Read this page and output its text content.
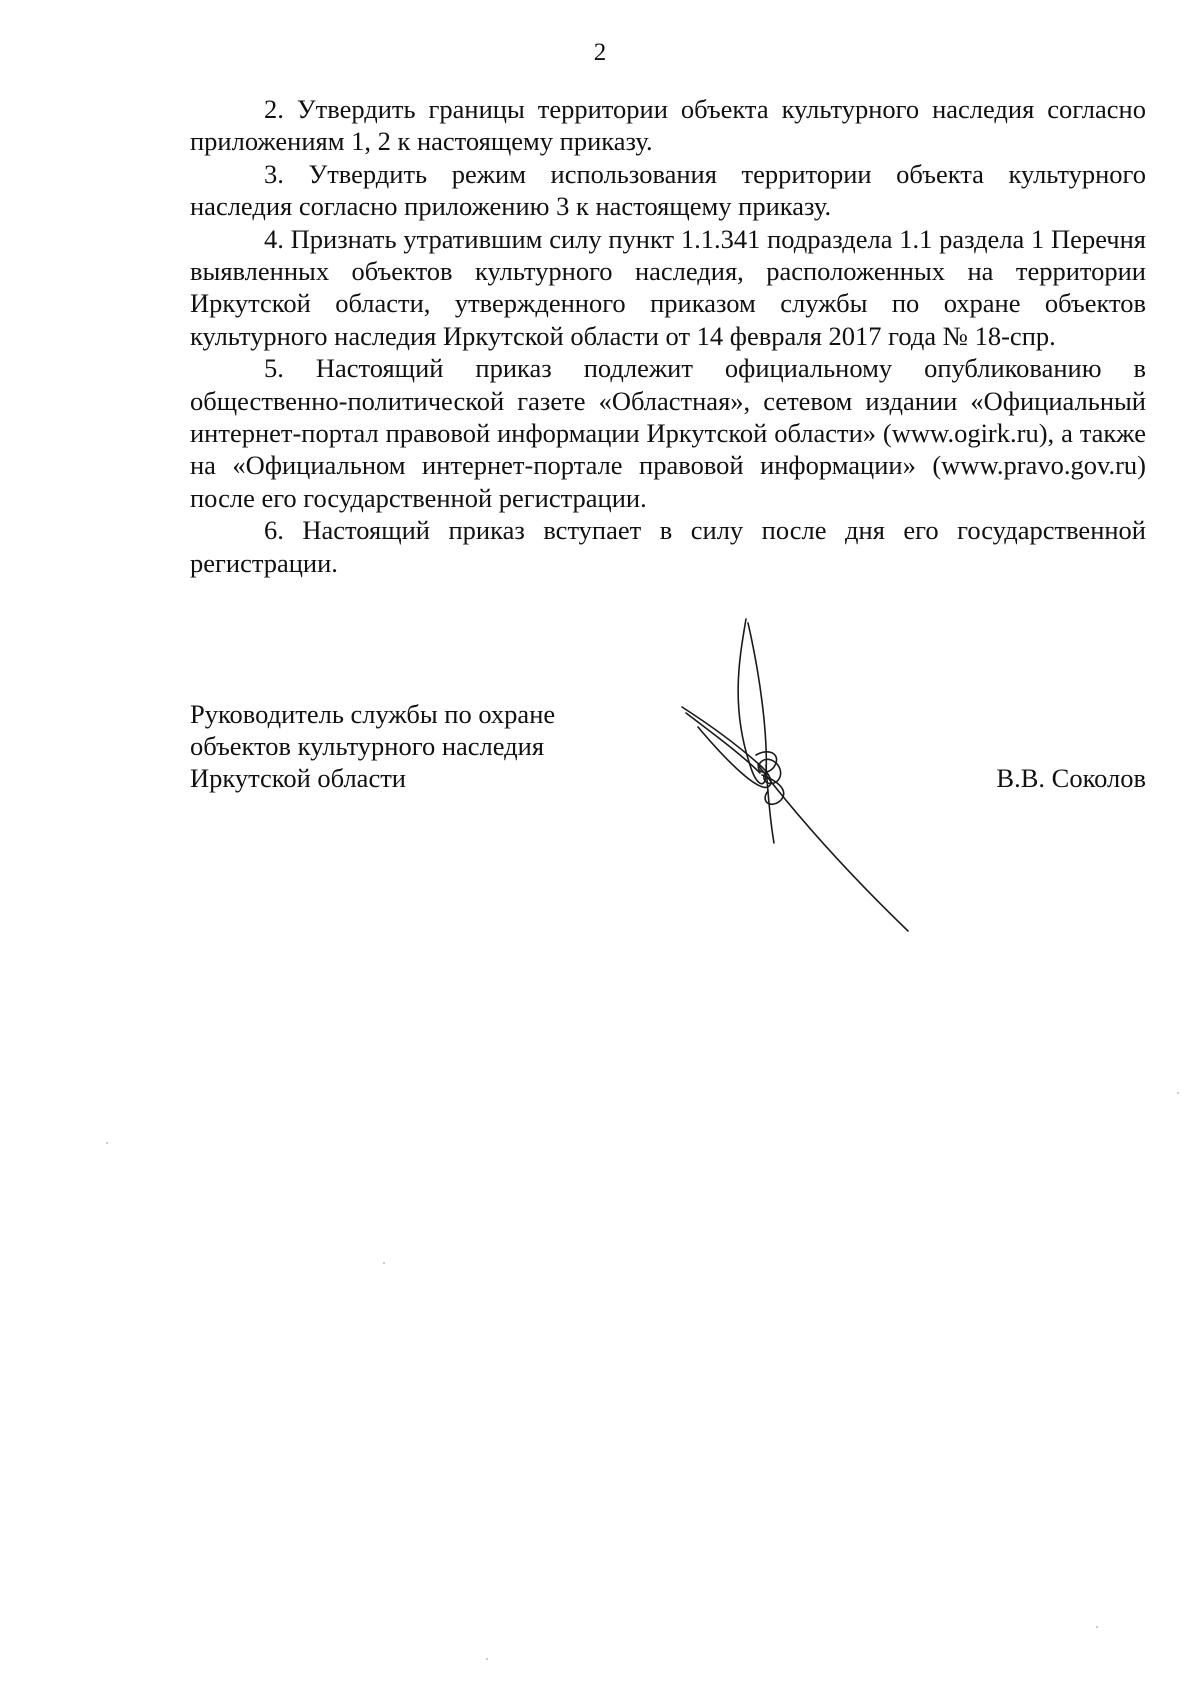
2

2. Утвердить границы территории объекта культурного наследия согласно приложениям 1, 2 к настоящему приказу.

3. Утвердить режим использования территории объекта культурного наследия согласно приложению 3 к настоящему приказу.

4. Признать утратившим силу пункт 1.1.341 подраздела 1.1 раздела 1 Перечня выявленных объектов культурного наследия, расположенных на территории Иркутской области, утвержденного приказом службы по охране объектов культурного наследия Иркутской области от 14 февраля 2017 года № 18-спр.

5. Настоящий приказ подлежит официальному опубликованию в общественно-политической газете «Областная», сетевом издании «Официальный интернет-портал правовой информации Иркутской области» (www.ogirk.ru), а также на «Официальном интернет-портале правовой информации» (www.pravo.gov.ru) после его государственной регистрации.

6. Настоящий приказ вступает в силу после дня его государственной регистрации.

Руководитель службы по охране
объектов культурного наследия
Иркутской области	В.В. Соколов
